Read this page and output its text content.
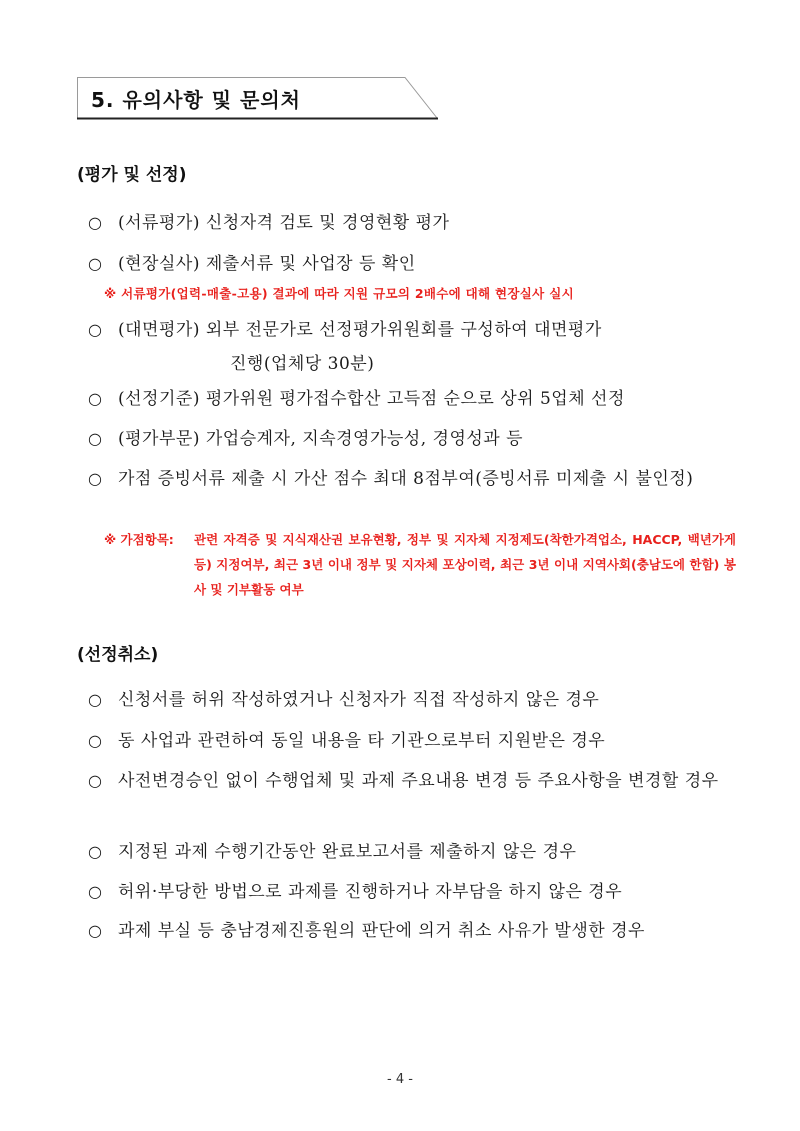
5. 유의사항 및 문의처
(평가 및 선정)
○ (서류평가) 신청자격 검토 및 경영현황 평가
○ (현장실사) 제출서류 및 사업장 등 확인
※ 서류평가(업력-매출-고용) 결과에 따라 지원 규모의 2배수에 대해 현장실사 실시
○ (대면평가) 외부 전문가로 선정평가위원회를 구성하여 대면평가
진행(업체당 30분)
○ (선정기준) 평가위원 평가접수합산 고득점 순으로 상위 5업체 선정
○ (평가부문) 가업승계자, 지속경영가능성, 경영성과 등
○ 가점 증빙서류 제출 시 가산 점수 최대 8점부여(증빙서류 미제출 시 불인정)
※ 가점항목:	관련 자격증 및 지식재산권 보유현황, 정부 및 지자체 지정제도(착한가격업소, HACCP, 백년가게 등) 지정여부, 최근 3년 이내 정부 및 지자체 포상이력, 최근 3년 이내 지역사회(충남도에 한함) 봉사 및 기부활동 여부
(선정취소)
○ 신청서를 허위 작성하였거나 신청자가 직접 작성하지 않은 경우
○ 동 사업과 관련하여 동일 내용을 타 기관으로부터 지원받은 경우
○ 사전변경승인 없이 수행업체 및 과제 주요내용 변경 등 주요사항을 변경할 경우
○ 지정된 과제 수행기간동안 완료보고서를 제출하지 않은 경우
○ 허위·부당한 방법으로 과제를 진행하거나 자부담을 하지 않은 경우
○ 과제 부실 등 충남경제진흥원의 판단에 의거 취소 사유가 발생한 경우
- 4 -
